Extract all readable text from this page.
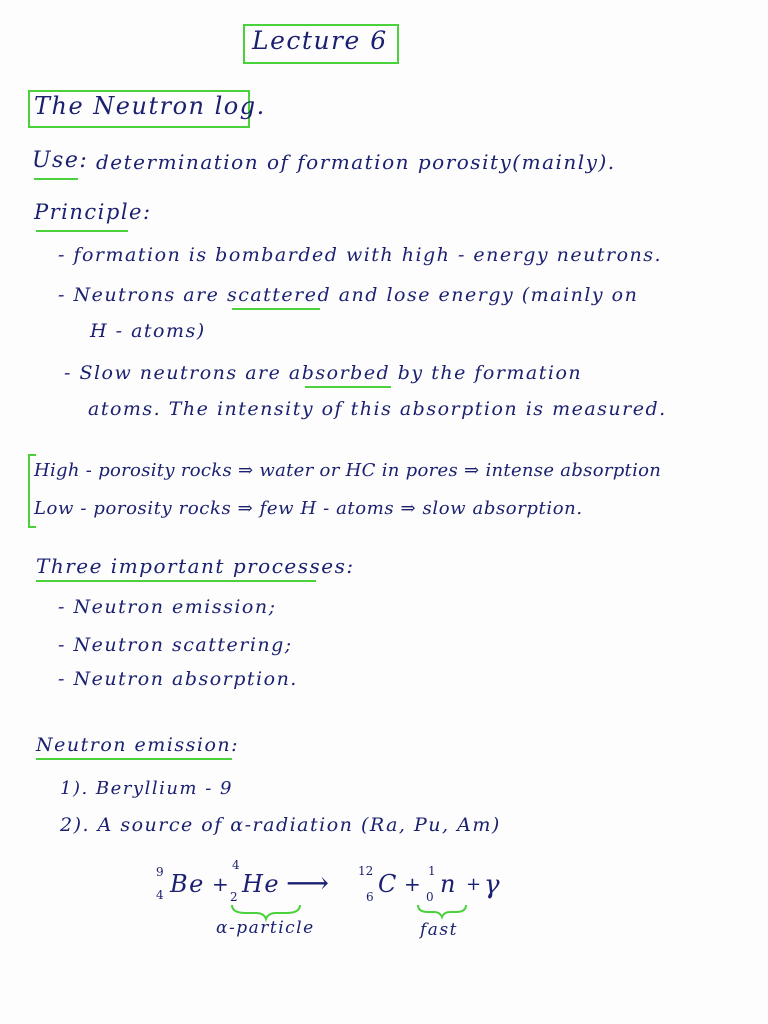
Lecture 6
The Neutron log.
Use: determination of formation porosity(mainly).
Principle:
- formation is bombarded with high - energy neutrons.
- Neutrons are scattered and lose energy (mainly on
H - atoms)
- Slow neutrons are absorbed by the formation
atoms. The intensity of this absorption is measured.
High - porosity rocks ⇒ water or HC in pores ⇒ intense absorption
Low - porosity rocks ⇒ few H - atoms ⇒ slow absorption.
Three important processes:
- Neutron emission;
- Neutron scattering;
- Neutron absorption.
Neutron emission:
1). Beryllium - 9
2). A source of α-radiation (Ra, Pu, Am)
9
4 Be +
4
2 He ⟶ 12
6 C +
1
0 n + γ
α-particle	fast
